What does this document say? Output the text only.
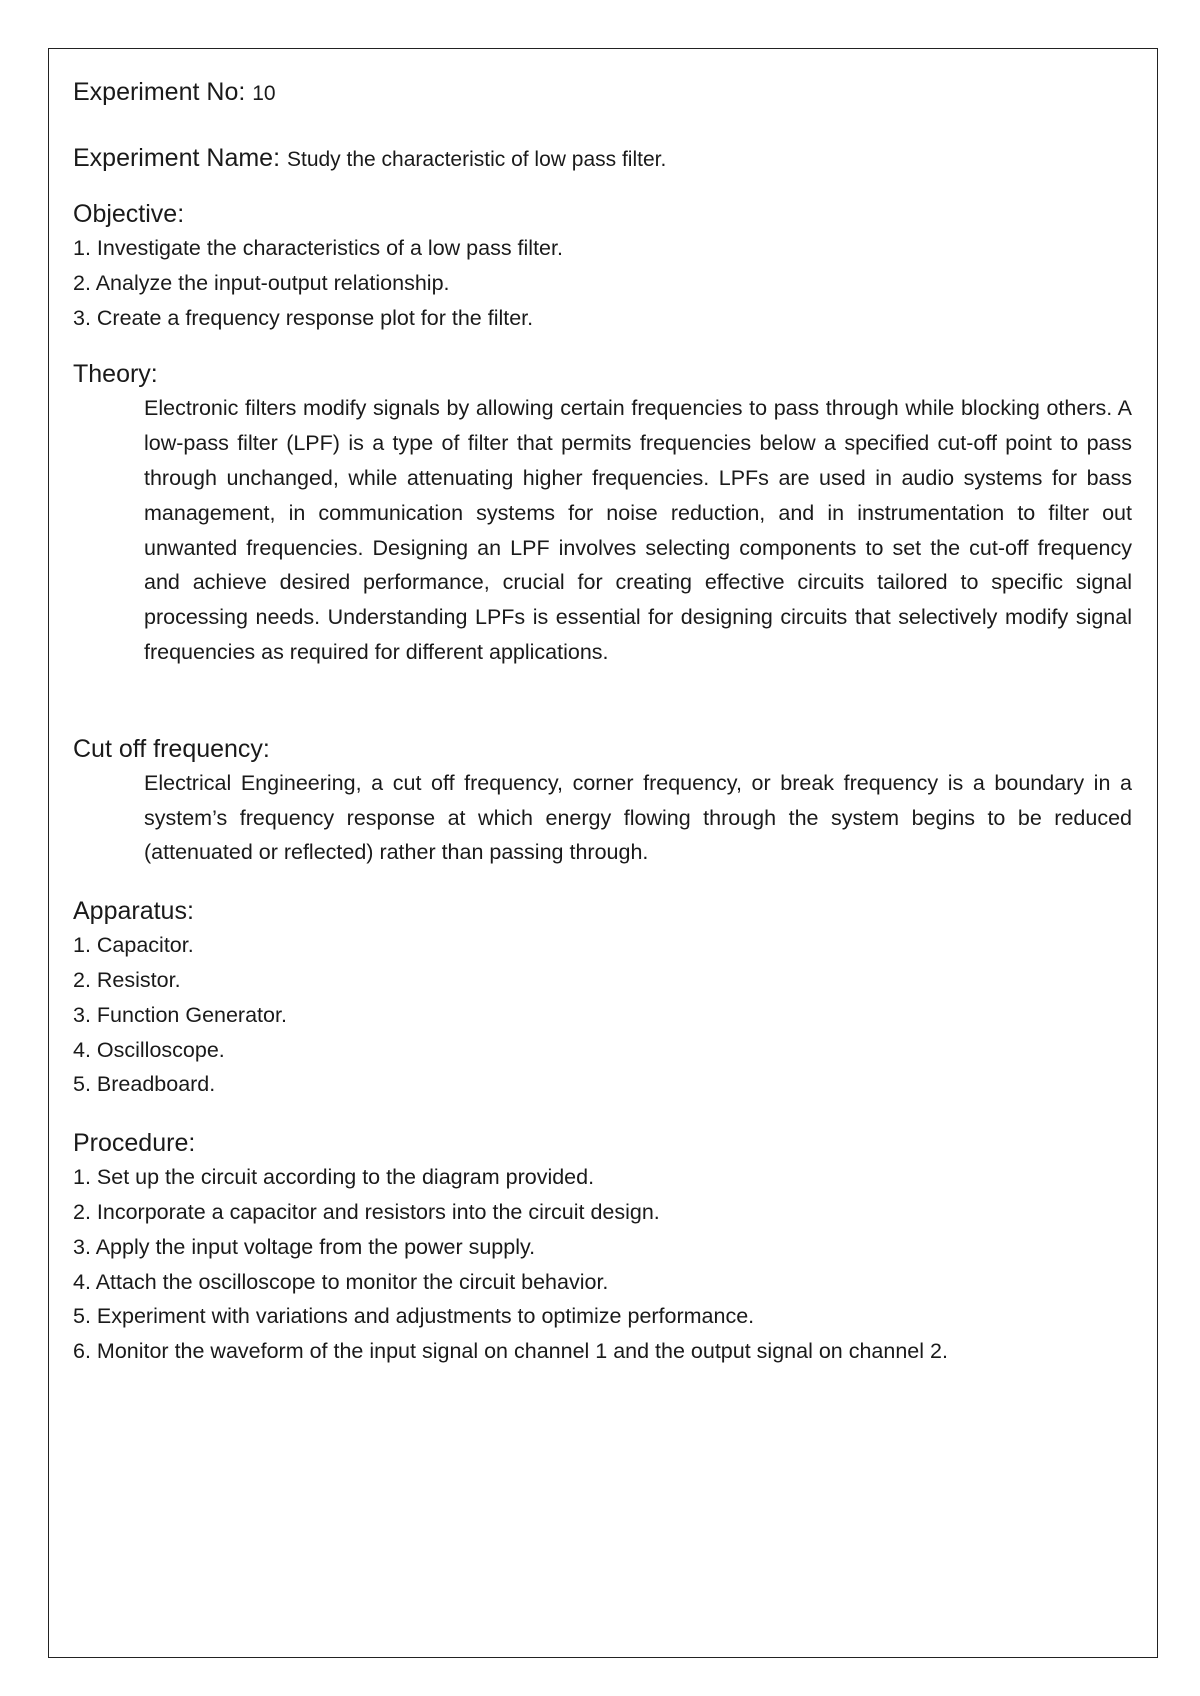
Experiment No: 10

Experiment Name: Study the characteristic of low pass filter.

Objective:

1. Investigate the characteristics of a low pass filter.
2. Analyze the input-output relationship.
3. Create a frequency response plot for the filter.

Theory:

Electronic filters modify signals by allowing certain frequencies to pass through while blocking others. A low-pass filter (LPF) is a type of filter that permits frequencies below a specified cut-off point to pass through unchanged, while attenuating higher frequencies. LPFs are used in audio systems for bass management, in communication systems for noise reduction, and in instrumentation to filter out unwanted frequencies. Designing an LPF involves selecting components to set the cut-off frequency and achieve desired performance, crucial for creating effective circuits tailored to specific signal processing needs. Understanding LPFs is essential for designing circuits that selectively modify signal frequencies as required for different applications.

Cut off frequency:

Electrical Engineering, a cut off frequency, corner frequency, or break frequency is a boundary in a system’s frequency response at which energy flowing through the system begins to be reduced (attenuated or reflected) rather than passing through.

Apparatus:

1. Capacitor.
2. Resistor.
3. Function Generator.
4. Oscilloscope.
5. Breadboard.

Procedure:

1. Set up the circuit according to the diagram provided.
2. Incorporate a capacitor and resistors into the circuit design.
3. Apply the input voltage from the power supply.
4. Attach the oscilloscope to monitor the circuit behavior.
5. Experiment with variations and adjustments to optimize performance.
6. Monitor the waveform of the input signal on channel 1 and the output signal on channel 2.
